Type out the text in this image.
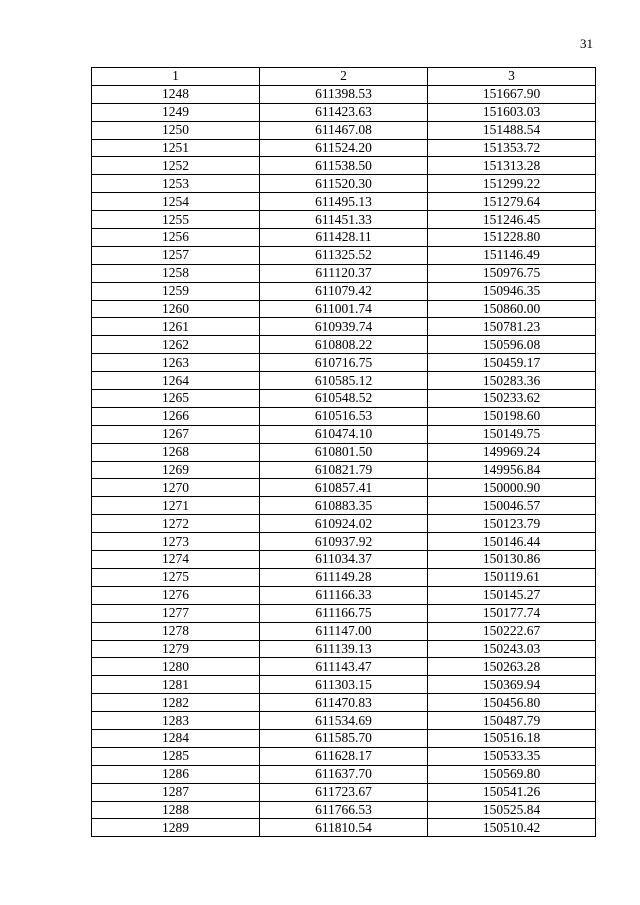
31
1	2	3
1248	611398.53	151667.90
1249	611423.63	151603.03
1250	611467.08	151488.54
1251	611524.20	151353.72
1252	611538.50	151313.28
1253	611520.30	151299.22
1254	611495.13	151279.64
1255	611451.33	151246.45
1256	611428.11	151228.80
1257	611325.52	151146.49
1258	611120.37	150976.75
1259	611079.42	150946.35
1260	611001.74	150860.00
1261	610939.74	150781.23
1262	610808.22	150596.08
1263	610716.75	150459.17
1264	610585.12	150283.36
1265	610548.52	150233.62
1266	610516.53	150198.60
1267	610474.10	150149.75
1268	610801.50	149969.24
1269	610821.79	149956.84
1270	610857.41	150000.90
1271	610883.35	150046.57
1272	610924.02	150123.79
1273	610937.92	150146.44
1274	611034.37	150130.86
1275	611149.28	150119.61
1276	611166.33	150145.27
1277	611166.75	150177.74
1278	611147.00	150222.67
1279	611139.13	150243.03
1280	611143.47	150263.28
1281	611303.15	150369.94
1282	611470.83	150456.80
1283	611534.69	150487.79
1284	611585.70	150516.18
1285	611628.17	150533.35
1286	611637.70	150569.80
1287	611723.67	150541.26
1288	611766.53	150525.84
1289	611810.54	150510.42
